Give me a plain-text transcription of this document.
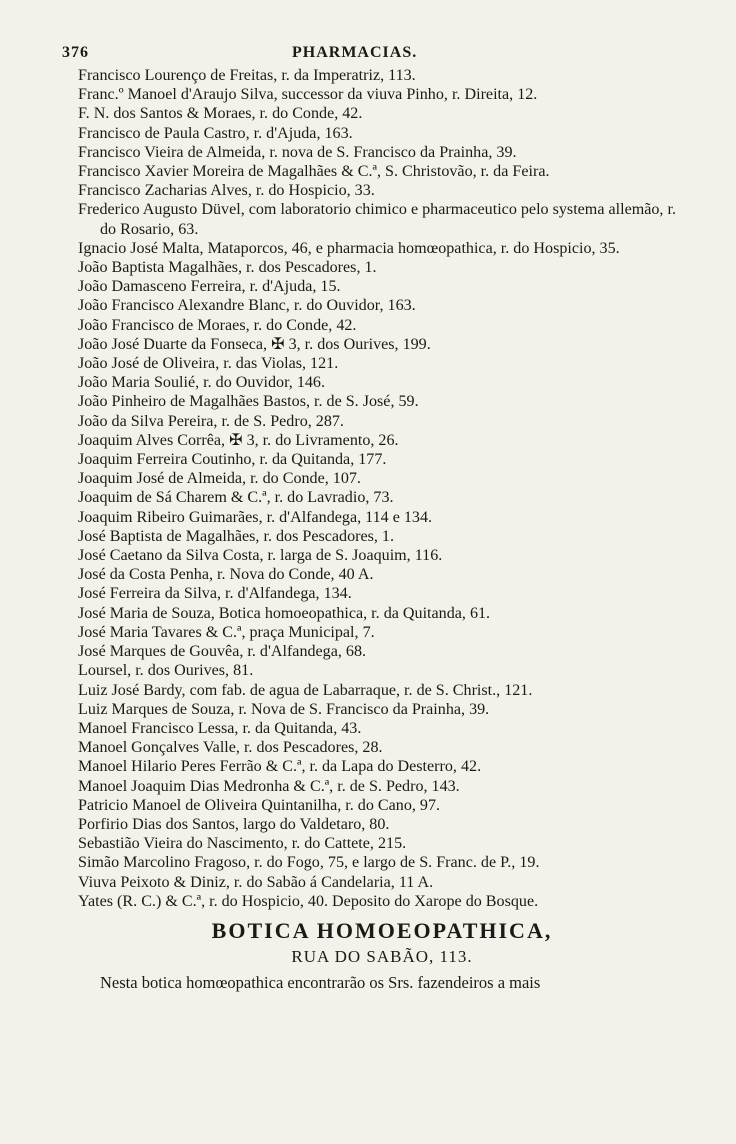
376	PHARMACIAS.
Francisco Lourenço de Freitas, r. da Imperatriz, 113.
Franc.º Manoel d'Araujo Silva, successor da viuva Pinho, r. Direita, 12.
F. N. dos Santos & Moraes, r. do Conde, 42.
Francisco de Paula Castro, r. d'Ajuda, 163.
Francisco Vieira de Almeida, r. nova de S. Francisco da Prainha, 39.
Francisco Xavier Moreira de Magalhães & C.ª, S. Christovão, r. da Feira.
Francisco Zacharias Alves, r. do Hospicio, 33.
Frederico Augusto Düvel, com laboratorio chimico e pharmaceutico pelo systema allemão, r. do Rosario, 63.
Ignacio José Malta, Mataporcos, 46, e pharmacia homœopathica, r. do Hospicio, 35.
João Baptista Magalhães, r. dos Pescadores, 1.
João Damasceno Ferreira, r. d'Ajuda, 15.
João Francisco Alexandre Blanc, r. do Ouvidor, 163.
João Francisco de Moraes, r. do Conde, 42.
João José Duarte da Fonseca, ✠ 3, r. dos Ourives, 199.
João José de Oliveira, r. das Violas, 121.
João Maria Soulié, r. do Ouvidor, 146.
João Pinheiro de Magalhães Bastos, r. de S. José, 59.
João da Silva Pereira, r. de S. Pedro, 287.
Joaquim Alves Corrêa, ✠ 3, r. do Livramento, 26.
Joaquim Ferreira Coutinho, r. da Quitanda, 177.
Joaquim José de Almeida, r. do Conde, 107.
Joaquim de Sá Charem & C.ª, r. do Lavradio, 73.
Joaquim Ribeiro Guimarães, r. d'Alfandega, 114 e 134.
José Baptista de Magalhães, r. dos Pescadores, 1.
José Caetano da Silva Costa, r. larga de S. Joaquim, 116.
José da Costa Penha, r. Nova do Conde, 40 A.
José Ferreira da Silva, r. d'Alfandega, 134.
José Maria de Souza, Botica homoeopathica, r. da Quitanda, 61.
José Maria Tavares & C.ª, praça Municipal, 7.
José Marques de Gouvêa, r. d'Alfandega, 68.
Loursel, r. dos Ourives, 81.
Luiz José Bardy, com fab. de agua de Labarraque, r. de S. Christ., 121.
Luiz Marques de Souza, r. Nova de S. Francisco da Prainha, 39.
Manoel Francisco Lessa, r. da Quitanda, 43.
Manoel Gonçalves Valle, r. dos Pescadores, 28.
Manoel Hilario Peres Ferrão & C.ª, r. da Lapa do Desterro, 42.
Manoel Joaquim Dias Medronha & C.ª, r. de S. Pedro, 143.
Patricio Manoel de Oliveira Quintanilha, r. do Cano, 97.
Porfirio Dias dos Santos, largo do Valdetaro, 80.
Sebastião Vieira do Nascimento, r. do Cattete, 215.
Simão Marcolino Fragoso, r. do Fogo, 75, e largo de S. Franc. de P., 19.
Viuva Peixoto & Diniz, r. do Sabão á Candelaria, 11 A.
Yates (R. C.) & C.ª, r. do Hospicio, 40. Deposito do Xarope do Bosque.
BOTICA HOMOEOPATHICA,
RUA DO SABÃO, 113.
Nesta botica homœopathica encontrarão os Srs. fazendeiros a mais
